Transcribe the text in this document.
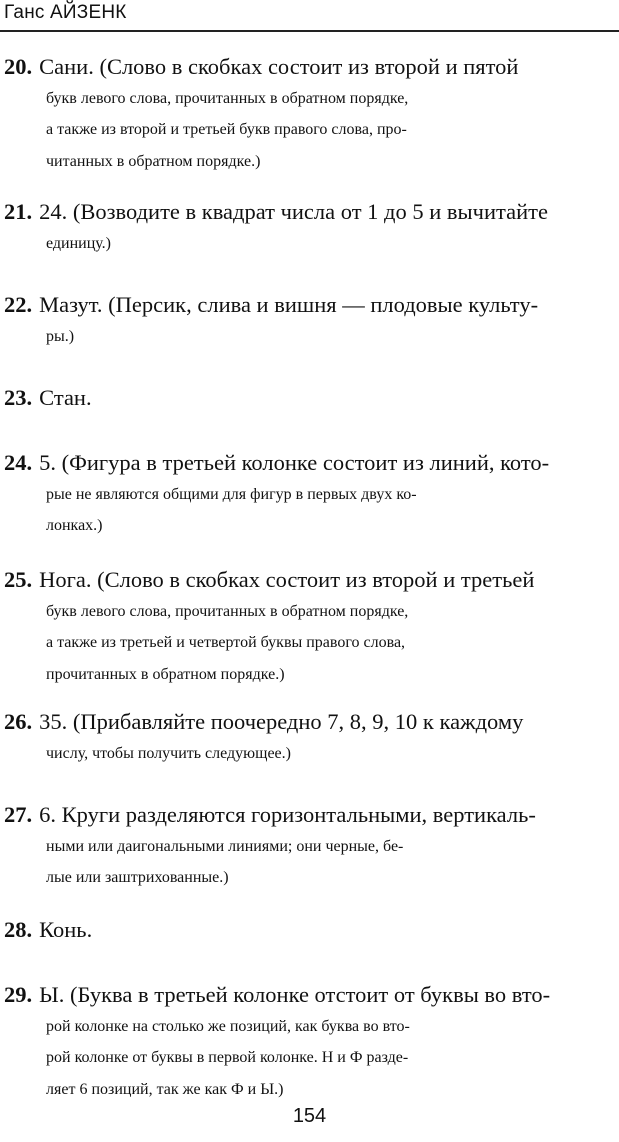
Ганс АЙЗЕНК
20. Сани. (Слово в скобках состоит из второй и пятой
букв левого слова, прочитанных в обратном порядке,
а также из второй и третьей букв правого слова, про-
читанных в обратном порядке.)
21. 24. (Возводите в квадрат числа от 1 до 5 и вычитайте
единицу.)
22. Мазут. (Персик, слива и вишня — плодовые культу-
ры.)
23. Стан.
24. 5. (Фигура в третьей колонке состоит из линий, кото-
рые не являются общими для фигур в первых двух ко-
лонках.)
25. Нога. (Слово в скобках состоит из второй и третьей
букв левого слова, прочитанных в обратном порядке,
а также из третьей и четвертой буквы правого слова,
прочитанных в обратном порядке.)
26. 35. (Прибавляйте поочередно 7, 8, 9, 10 к каждому
числу, чтобы получить следующее.)
27. 6. Круги разделяются горизонтальными, вертикаль-
ными или даигональными линиями; они черные, бе-
лые или заштрихованные.)
28. Конь.
29. Ы. (Буква в третьей колонке отстоит от буквы во вто-
рой колонке на столько же позиций, как буква во вто-
рой колонке от буквы в первой колонке. Н и Ф разде-
ляет 6 позиций, так же как Ф и Ы.)
154
